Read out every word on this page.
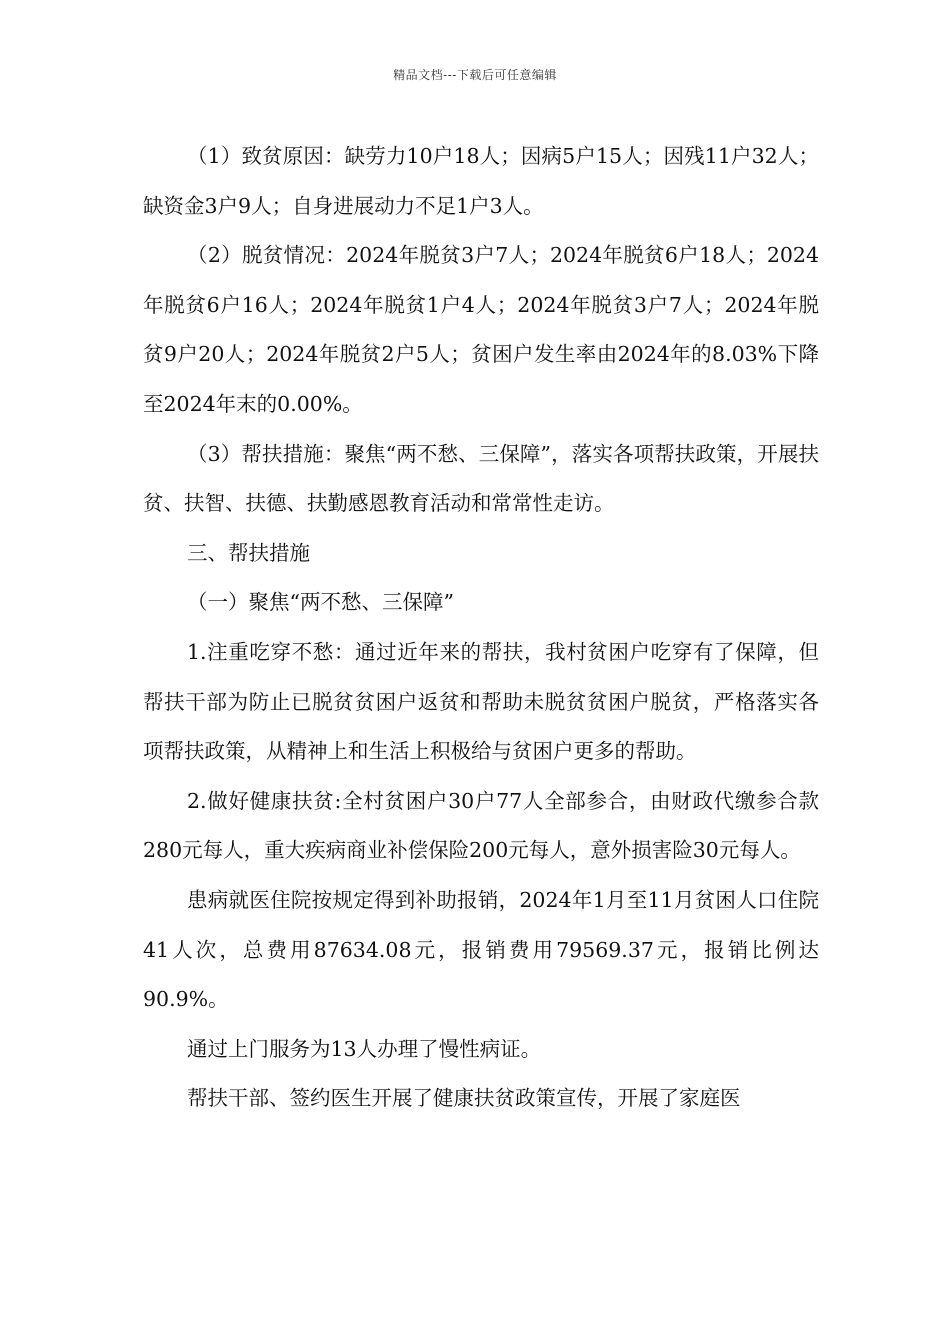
精品文档---下载后可任意编辑

（1）致贫原因：缺劳力10户18人；因病5户15人；因残11户32人；缺资金3户9人；自身进展动力不足1户3人。

（2）脱贫情况：2024年脱贫3户7人；2024年脱贫6户18人；2024年脱贫6户16人；2024年脱贫1户4人；2024年脱贫3户7人；2024年脱贫9户20人；2024年脱贫2户5人；贫困户发生率由2024年的8.03%下降至2024年末的0.00%。

（3）帮扶措施：聚焦“两不愁、三保障”，落实各项帮扶政策，开展扶贫、扶智、扶德、扶勤感恩教育活动和常常性走访。

三、帮扶措施

（一）聚焦“两不愁、三保障”

1.注重吃穿不愁：通过近年来的帮扶，我村贫困户吃穿有了保障，但帮扶干部为防止已脱贫贫困户返贫和帮助未脱贫贫困户脱贫，严格落实各项帮扶政策，从精神上和生活上积极给与贫困户更多的帮助。

2.做好健康扶贫:全村贫困户30户77人全部参合，由财政代缴参合款280元每人，重大疾病商业补偿保险200元每人，意外损害险30元每人。

患病就医住院按规定得到补助报销，2024年1月至11月贫困人口住院41人次，总费用87634.08元，报销费用79569.37元，报销比例达90.9%。

通过上门服务为13人办理了慢性病证。

帮扶干部、签约医生开展了健康扶贫政策宣传，开展了家庭医
